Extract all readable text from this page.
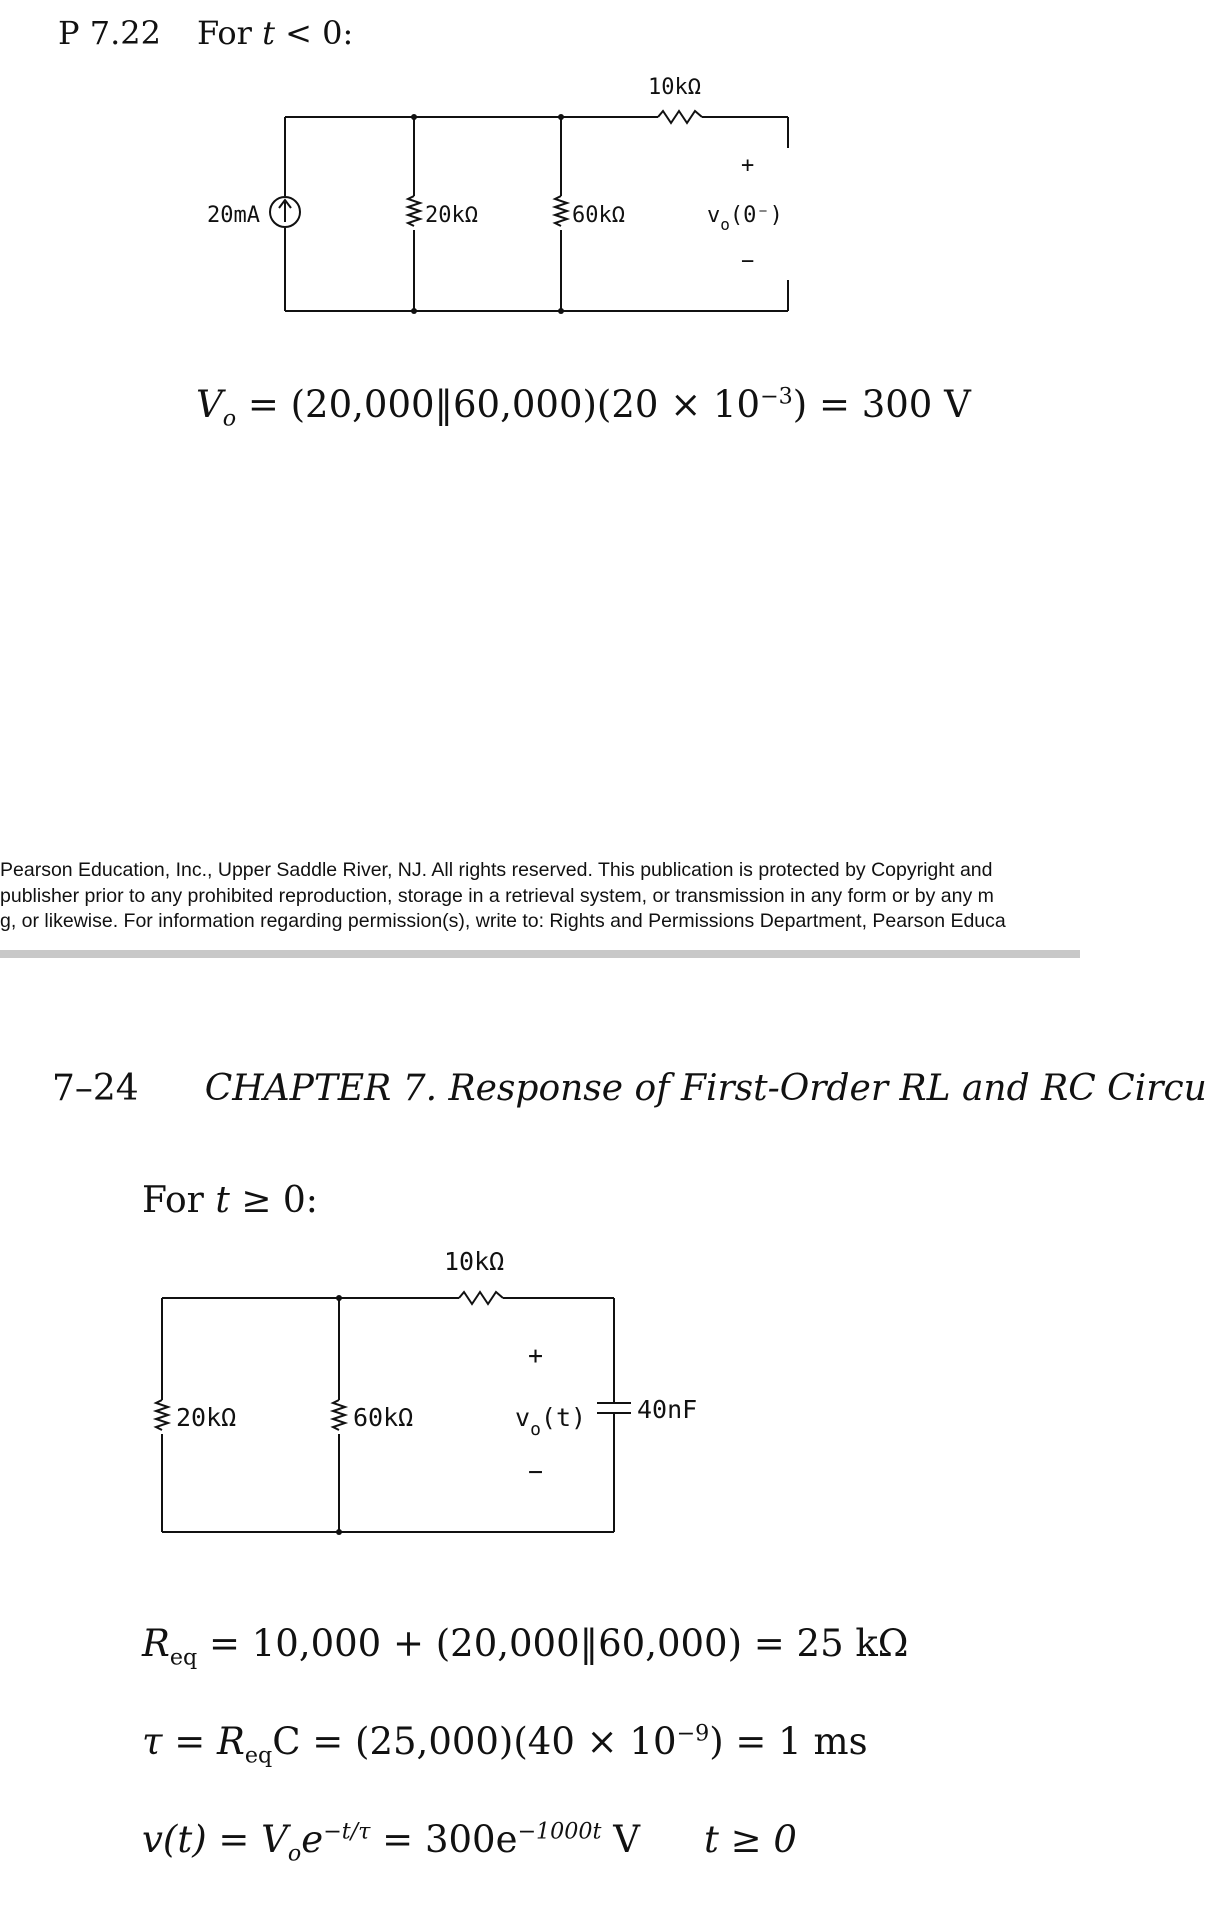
P 7.22 For t < 0:
20mA	20kΩ	60kΩ
10kΩ
+
−
$v_o(0^-)$
$V_o$ = (20,000‖60,000)(20 × $10^{-3}) = 300$ V
Pearson Education, Inc., Upper Saddle River, NJ. All rights reserved. This publication is protected by Copyright and
publisher prior to any prohibited reproduction, storage in a retrieval system, or transmission in any form or by any m
g, or likewise. For information regarding permission(s), write to: Rights and Permissions Department, Pearson Educa
7–24 CHAPTER 7. Response of First-Order RL and RC Circu
For t ≥ 0:
20kΩ	60kΩ
10kΩ
40nF
+
−
$v_o(t)$
$R_{eq} = 10,000$ + (20,000‖60,000) = 25 kΩ
$\tau = R_{eq}C = (25,000)(40 \times 10^{-9}) = 1$ ms
$v(t) = V_oe^{-t/\tau} = 300e^{-1000t}$ V t ≥ 0
